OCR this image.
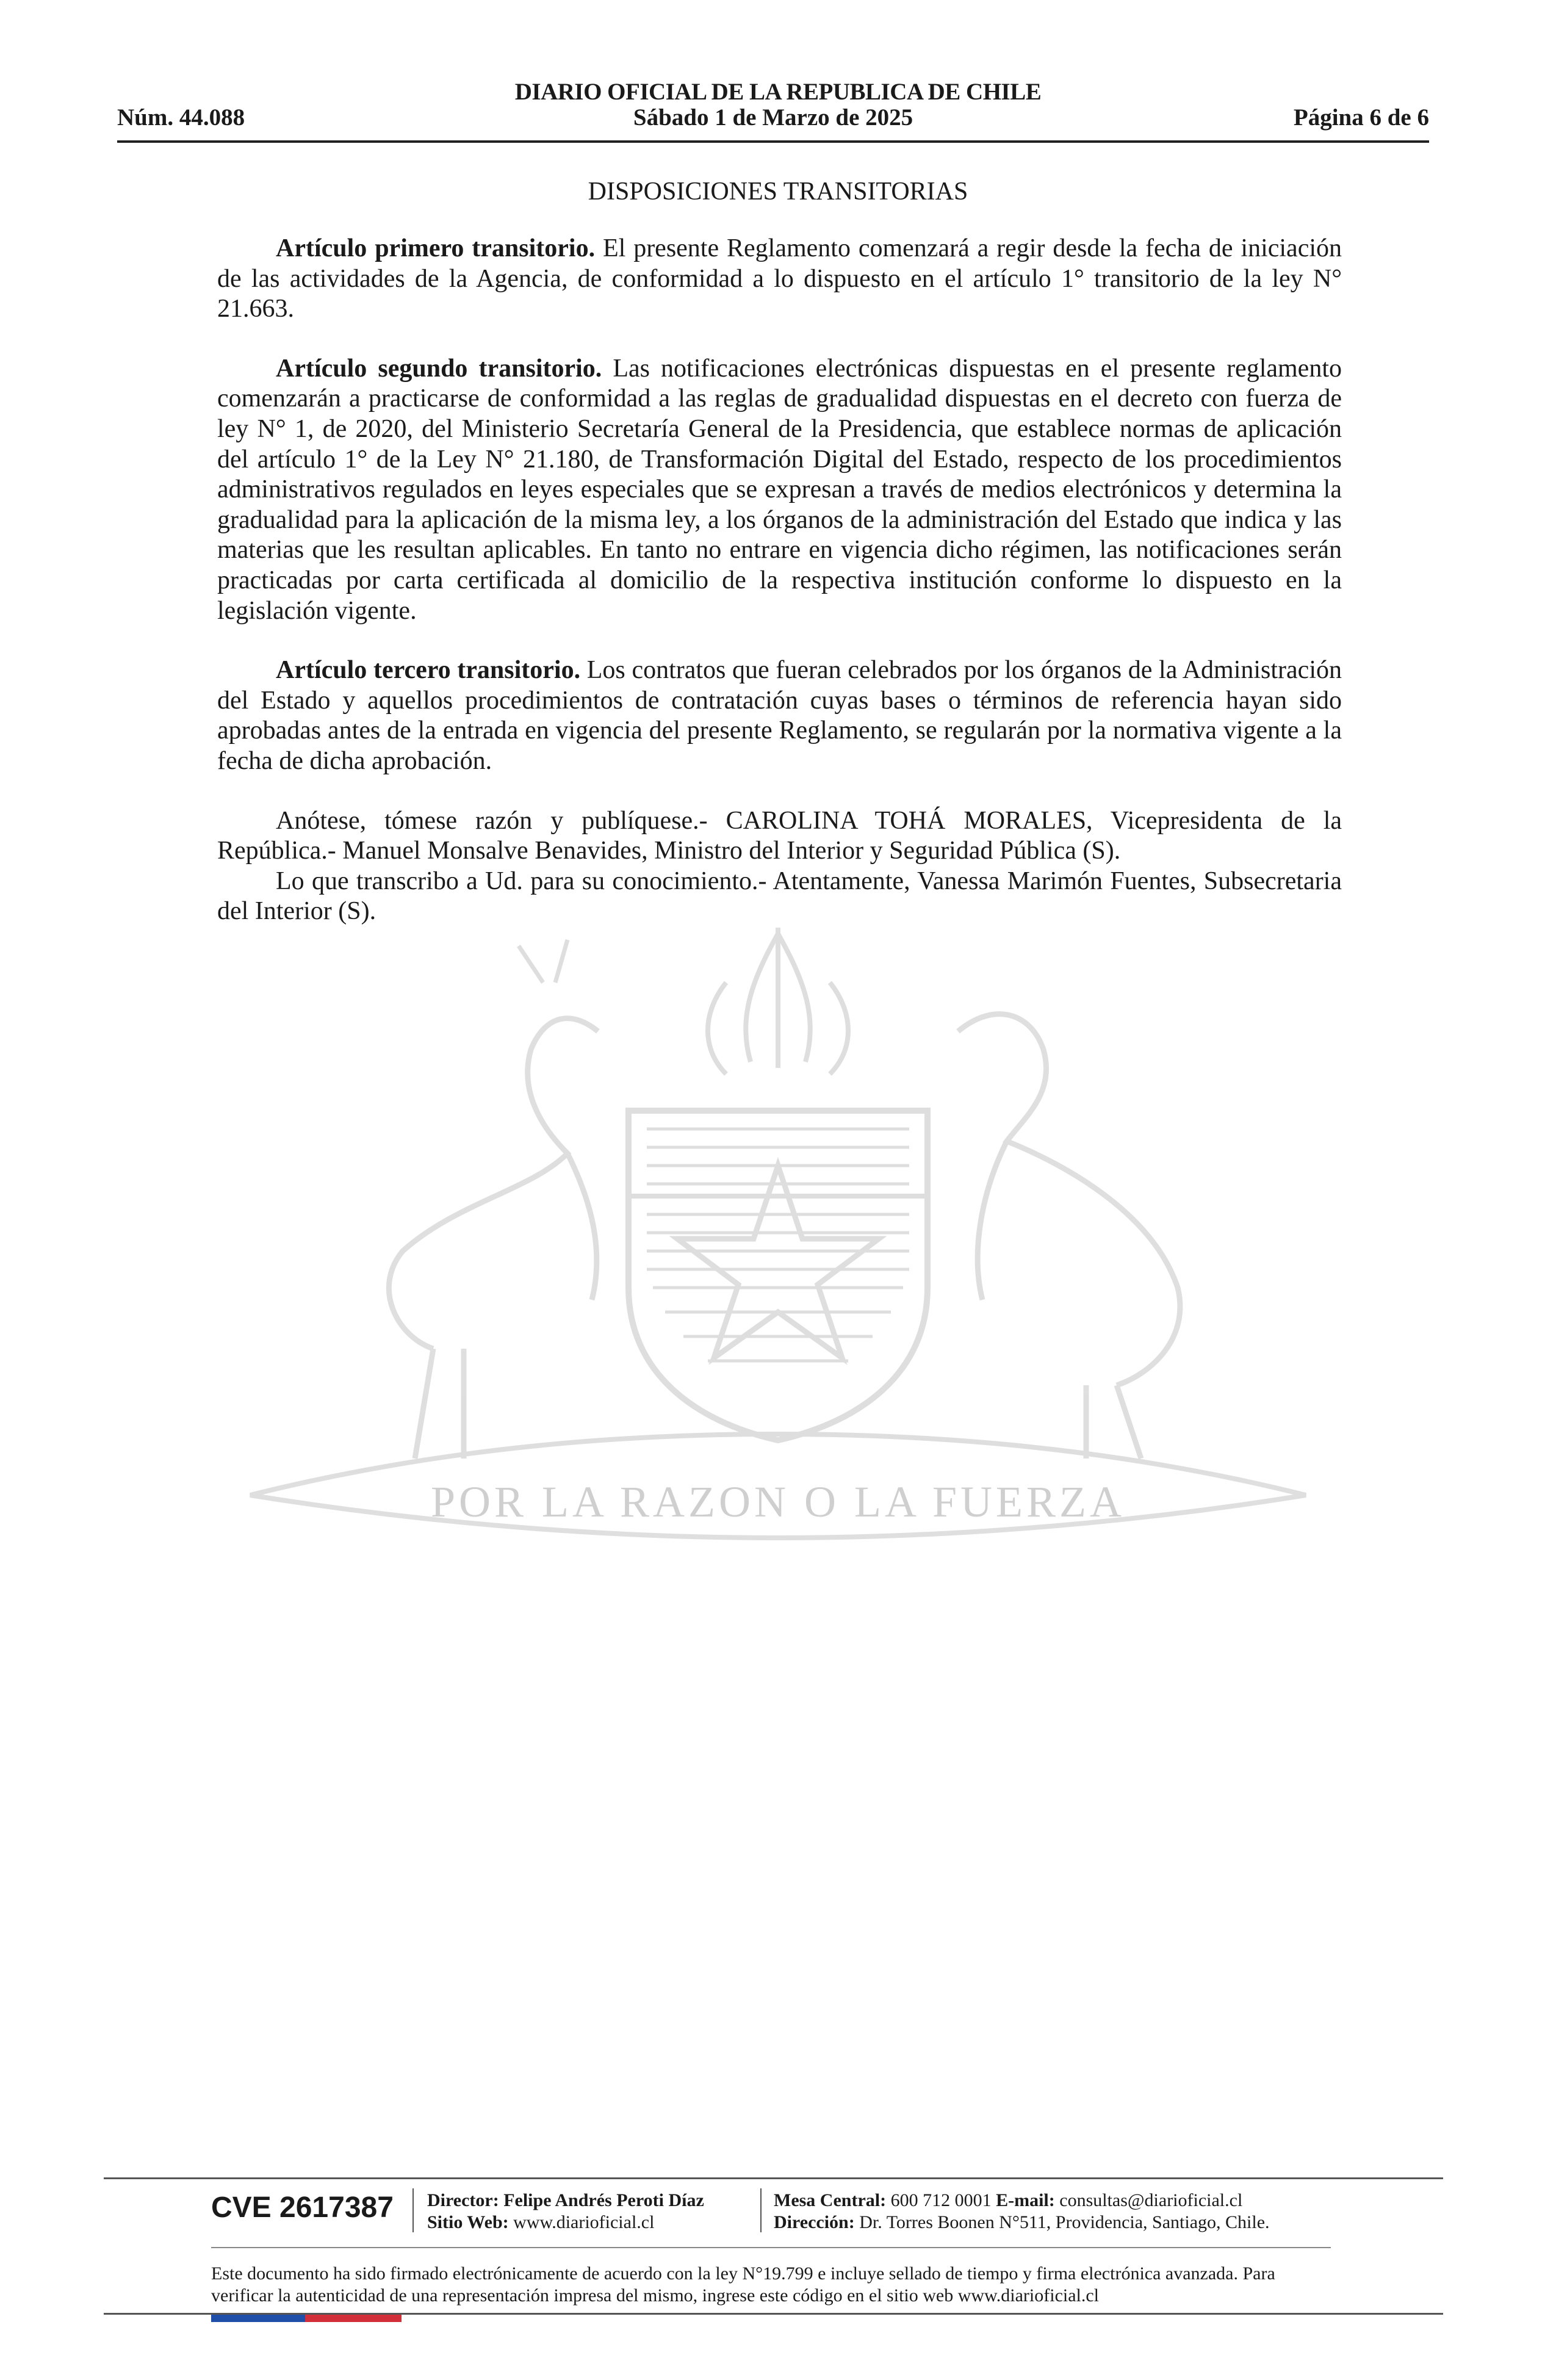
DIARIO OFICIAL DE LA REPUBLICA DE CHILE
Núm. 44.088	Sábado 1 de Marzo de 2025	Página 6 de 6
POR LA RAZON O LA FUERZA
DISPOSICIONES TRANSITORIAS

Artículo primero transitorio. El presente Reglamento comenzará a regir desde la fecha de iniciación de las actividades de la Agencia, de conformidad a lo dispuesto en el artículo 1° transitorio de la ley N° 21.663.

Artículo segundo transitorio. Las notificaciones electrónicas dispuestas en el presente reglamento comenzarán a practicarse de conformidad a las reglas de gradualidad dispuestas en el decreto con fuerza de ley N° 1, de 2020, del Ministerio Secretaría General de la Presidencia, que establece normas de aplicación del artículo 1° de la Ley N° 21.180, de Transformación Digital del Estado, respecto de los procedimientos administrativos regulados en leyes especiales que se expresan a través de medios electrónicos y determina la gradualidad para la aplicación de la misma ley, a los órganos de la administración del Estado que indica y las materias que les resultan aplicables. En tanto no entrare en vigencia dicho régimen, las notificaciones serán practicadas por carta certificada al domicilio de la respectiva institución conforme lo dispuesto en la legislación vigente.

Artículo tercero transitorio. Los contratos que fueran celebrados por los órganos de la Administración del Estado y aquellos procedimientos de contratación cuyas bases o términos de referencia hayan sido aprobadas antes de la entrada en vigencia del presente Reglamento, se regularán por la normativa vigente a la fecha de dicha aprobación.

Anótese, tómese razón y publíquese.- CAROLINA TOHÁ MORALES, Vicepresidenta de la República.- Manuel Monsalve Benavides, Ministro del Interior y Seguridad Pública (S).

Lo que transcribo a Ud. para su conocimiento.- Atentamente, Vanessa Marimón Fuentes, Subsecretaria del Interior (S).

CVE 2617387 Director: Felipe Andrés Peroti Díaz
Sitio Web: www.diarioficial.cl
Mesa Central: 600 712 0001 E-mail: consultas@diarioficial.cl
Dirección: Dr. Torres Boonen N°511, Providencia, Santiago, Chile.
Este documento ha sido firmado electrónicamente de acuerdo con la ley N°19.799 e incluye sellado de tiempo y firma electrónica avanzada. Para verificar la autenticidad de una representación impresa del mismo, ingrese este código en el sitio web www.diarioficial.cl
